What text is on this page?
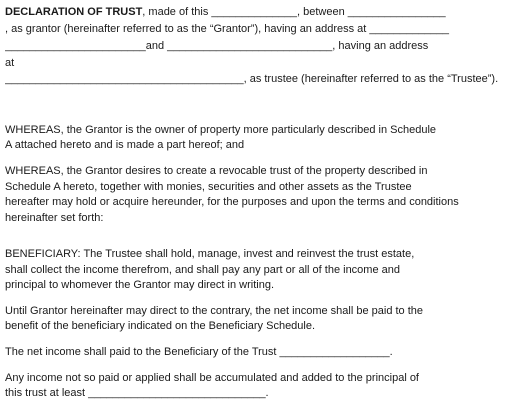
DECLARATION OF TRUST, made of this ______________, between ________________
, as grantor (hereinafter referred to as the “Grantor”), having an address at _____________
_______________________and ___________________________, having an address
at
_______________________________________, as trustee (hereinafter referred to as the “Trustee”).
WHEREAS, the Grantor is the owner of property more particularly described in Schedule
A attached hereto and is made a part hereof; and
WHEREAS, the Grantor desires to create a revocable trust of the property described in
Schedule A hereto, together with monies, securities and other assets as the Trustee
hereafter may hold or acquire hereunder, for the purposes and upon the terms and conditions
hereinafter set forth:
BENEFICIARY: The Trustee shall hold, manage, invest and reinvest the trust estate,
shall collect the income therefrom, and shall pay any part or all of the income and
principal to whomever the Grantor may direct in writing.
Until Grantor hereinafter may direct to the contrary, the net income shall be paid to the
benefit of the beneficiary indicated on the Beneficiary Schedule.
The net income shall paid to the Beneficiary of the Trust __________________.
Any income not so paid or applied shall be accumulated and added to the principal of
this trust at least _____________________________.
